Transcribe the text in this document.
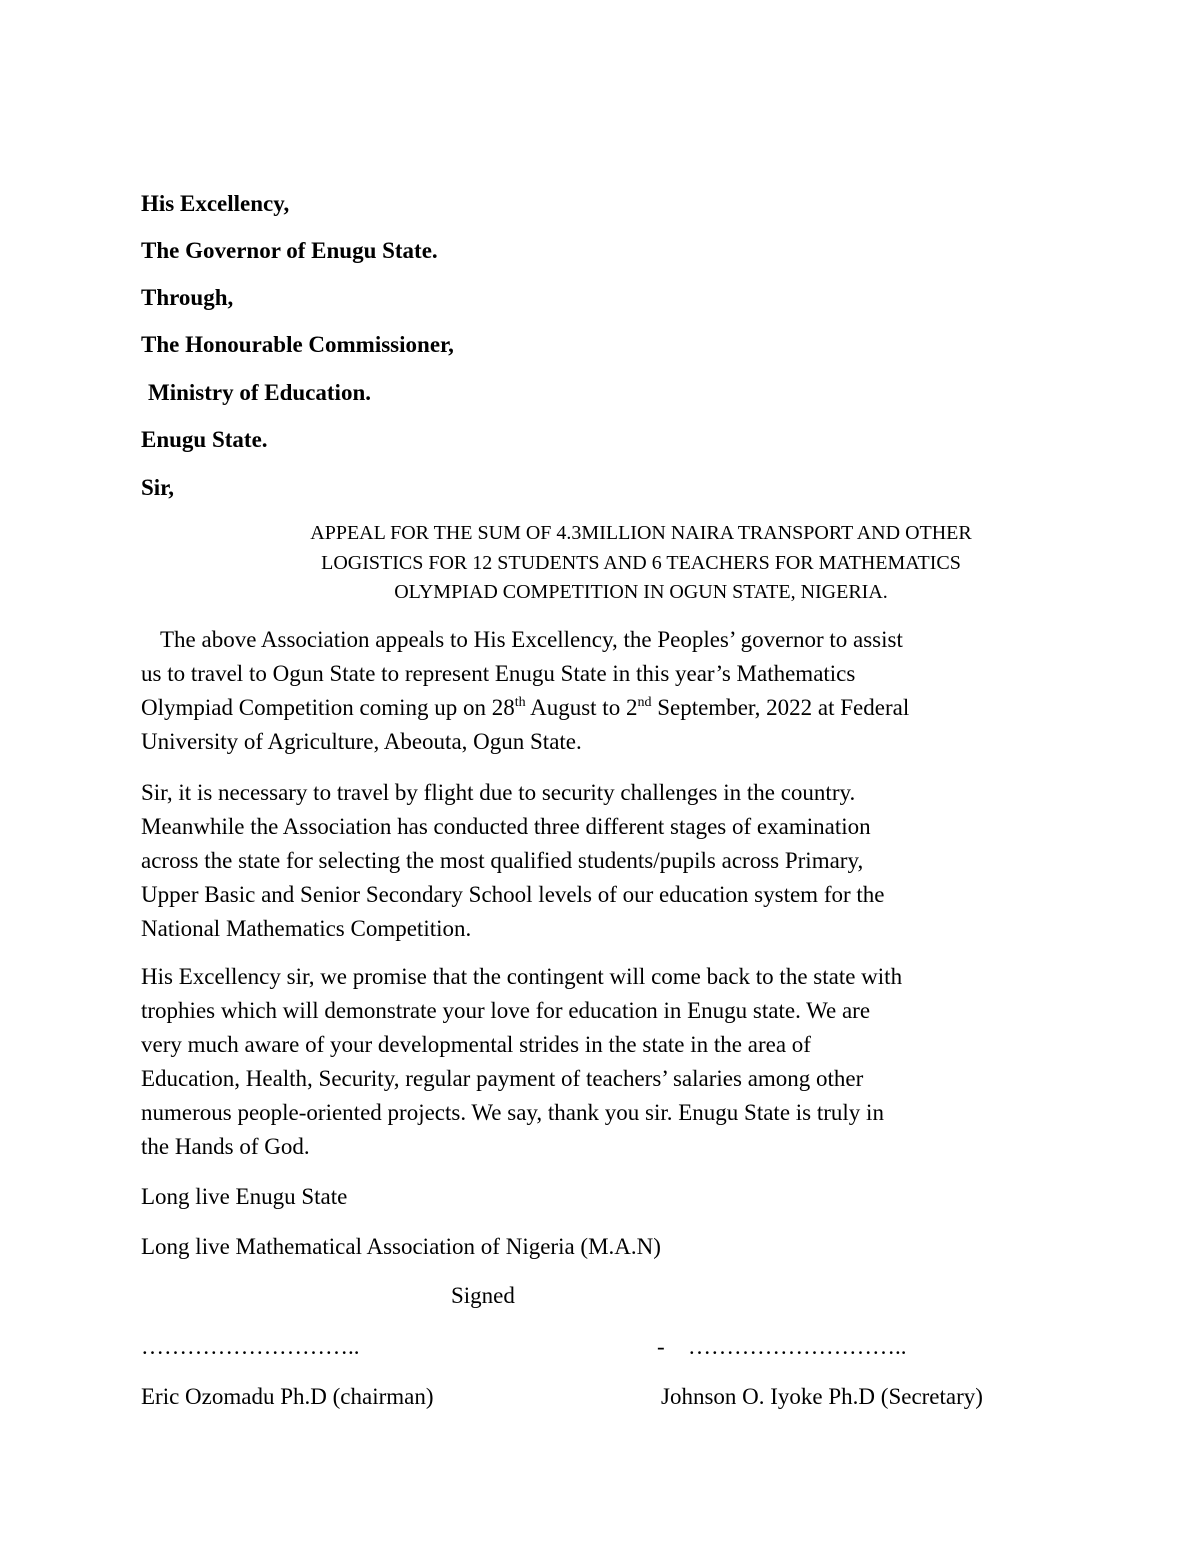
His Excellency,
The Governor of Enugu State.
Through,
The Honourable Commissioner,
Ministry of Education.
Enugu State.
Sir,
APPEAL FOR THE SUM OF 4.3MILLION NAIRA TRANSPORT AND OTHER
LOGISTICS FOR 12 STUDENTS AND 6 TEACHERS FOR MATHEMATICS
OLYMPIAD COMPETITION IN OGUN STATE, NIGERIA.
The above Association appeals to His Excellency, the Peoples’ governor to assist
us to travel to Ogun State to represent Enugu State in this year’s Mathematics
Olympiad Competition coming up on 28th August to 2nd September, 2022 at Federal
University of Agriculture, Abeouta, Ogun State.
Sir, it is necessary to travel by flight due to security challenges in the country.
Meanwhile the Association has conducted three different stages of examination
across the state for selecting the most qualified students/pupils across Primary,
Upper Basic and Senior Secondary School levels of our education system for the
National Mathematics Competition.
His Excellency sir, we promise that the contingent will come back to the state with
trophies which will demonstrate your love for education in Enugu state. We are
very much aware of your developmental strides in the state in the area of
Education, Health, Security, regular payment of teachers’ salaries among other
numerous people-oriented projects. We say, thank you sir. Enugu State is truly in
the Hands of God.
Long live Enugu State
Long live Mathematical Association of Nigeria (M.A.N)
Signed
………………………..	- ………………………..
Eric Ozomadu Ph.D (chairman)	Johnson O. Iyoke Ph.D (Secretary)
